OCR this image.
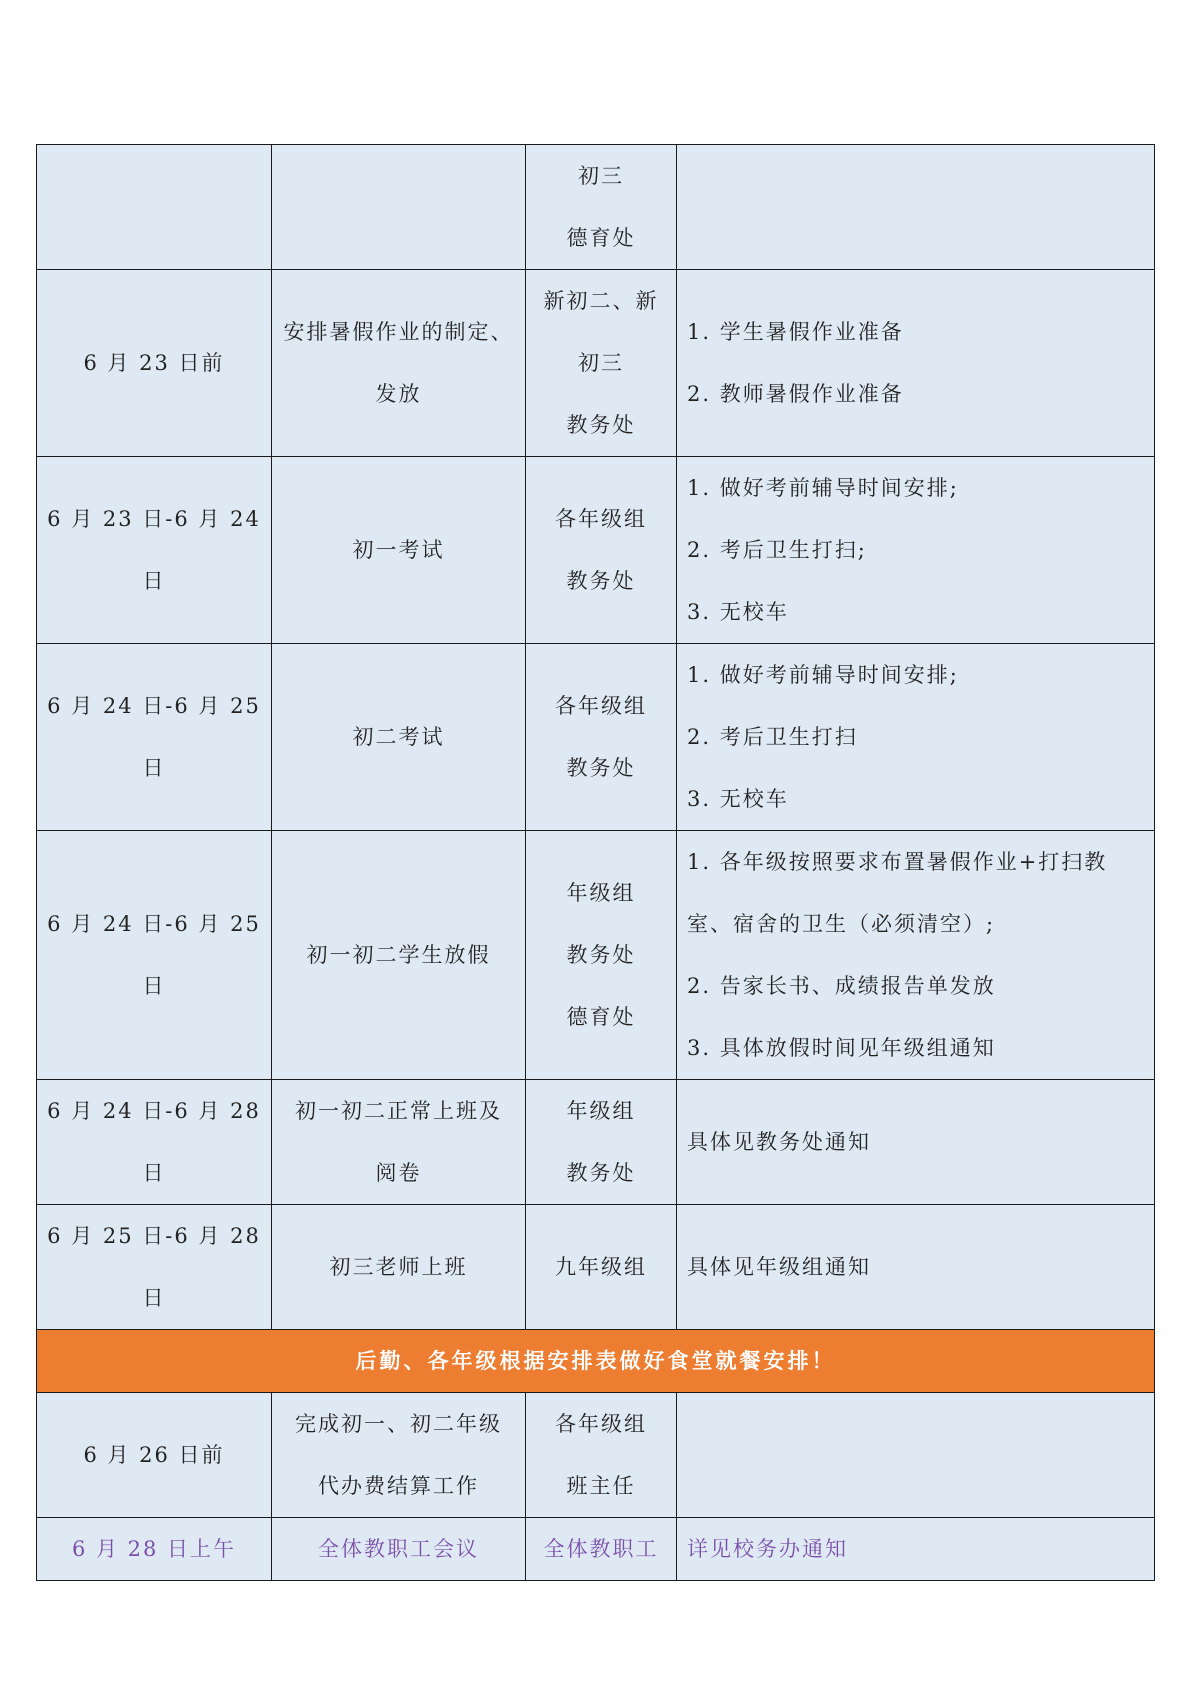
		初三
德育处	

6 月 23 日前	安排暑假作业的制定、
发放	新初二、新
初三
教务处	1. 学生暑假作业准备
2. 教师暑假作业准备

6 月 23 日-6 月 24 日	初一考试	各年级组
教务处	1. 做好考前辅导时间安排;
2. 考后卫生打扫;
3. 无校车

6 月 24 日-6 月 25 日	初二考试	各年级组
教务处	1. 做好考前辅导时间安排;
2. 考后卫生打扫
3. 无校车

6 月 24 日-6 月 25 日	初一初二学生放假	年级组
教务处
德育处	1. 各年级按照要求布置暑假作业+打扫教
室、宿舍的卫生（必须清空）;
2. 告家长书、成绩报告单发放
3. 具体放假时间见年级组通知

6 月 24 日-6 月 28 日	初一初二正常上班及
阅卷	年级组
教务处	具体见教务处通知

6 月 25 日-6 月 28 日	初三老师上班	九年级组	具体见年级组通知

后勤、各年级根据安排表做好食堂就餐安排！			
6 月 26 日前	完成初一、初二年级
代办费结算工作	各年级组
班主任	

6 月 28 日上午	全体教职工会议	全体教职工	详见校务办通知
